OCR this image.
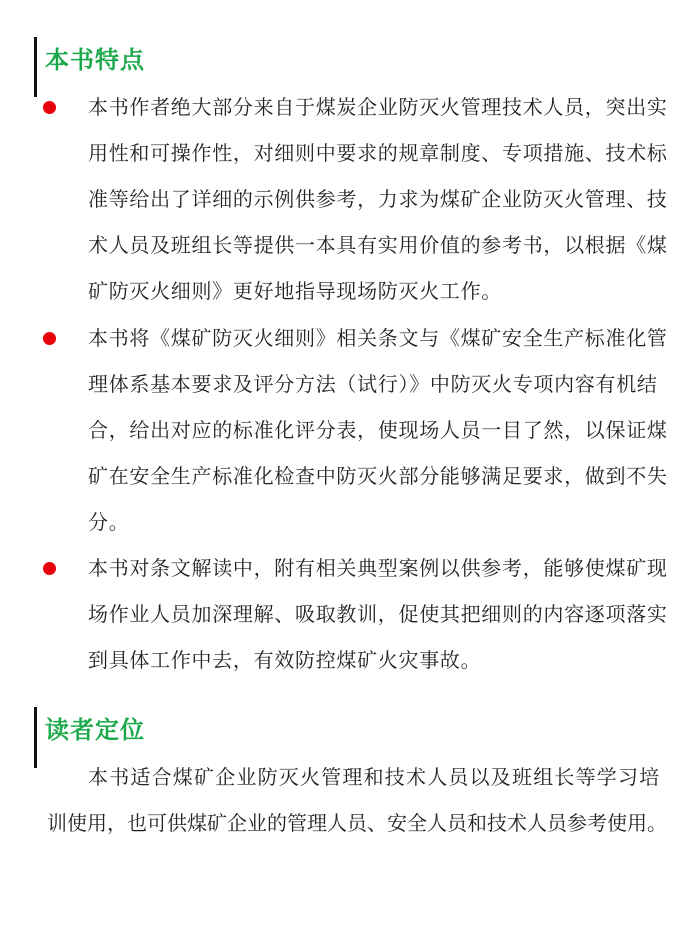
本书特点
本书作者绝大部分来自于煤炭企业防灭火管理技术人员，突出实
用性和可操作性，对细则中要求的规章制度、专项措施、技术标
准等给出了详细的示例供参考，力求为煤矿企业防灭火管理、技
术人员及班组长等提供一本具有实用价值的参考书，以根据《煤
矿防灭火细则》更好地指导现场防灭火工作。
本书将《煤矿防灭火细则》相关条文与《煤矿安全生产标准化管
理体系基本要求及评分方法（试行）》中防灭火专项内容有机结
合，给出对应的标准化评分表，使现场人员一目了然，以保证煤
矿在安全生产标准化检查中防灭火部分能够满足要求，做到不失
分。
本书对条文解读中，附有相关典型案例以供参考，能够使煤矿现
场作业人员加深理解、吸取教训，促使其把细则的内容逐项落实
到具体工作中去，有效防控煤矿火灾事故。
读者定位
本书适合煤矿企业防灭火管理和技术人员以及班组长等学习培
训使用，也可供煤矿企业的管理人员、安全人员和技术人员参考使用。
